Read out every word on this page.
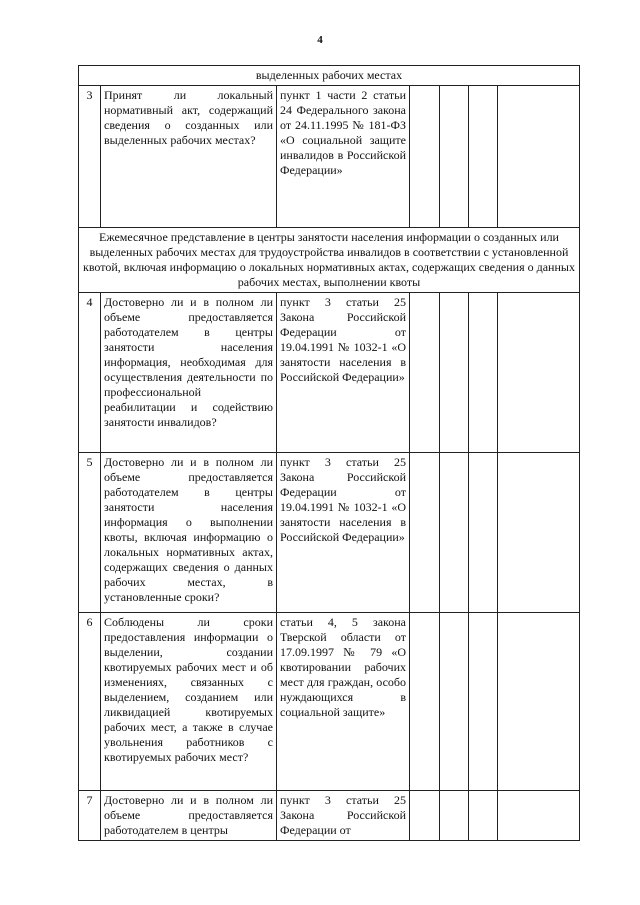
4
выделенных рабочих местах						
3	Принят ли локальный нормативный акт, содержащий сведения о созданных или выделенных рабочих местах?	пункт 1 части 2 статьи 24 Федерального закона от 24.11.1995 № 181-ФЗ «О социальной защите инвалидов в Российской Федерации»				
Ежемесячное представление в центры занятости населения информации о созданных или выделенных рабочих местах для трудоустройства инвалидов в соответствии с установленной квотой, включая информацию о локальных нормативных актах, содержащих сведения о данных рабочих местах, выполнении квоты						
4	Достоверно ли и в полном ли объеме предоставляется работодателем в центры занятости населения информация, необходимая для осуществления деятельности по профессиональной реабилитации и содействию занятости инвалидов?	пункт 3 статьи 25 Закона Российской Федерации от 19.04.1991 № 1032-1 «О занятости населения в Российской Федерации»				
5	Достоверно ли и в полном ли объеме предоставляется работодателем в центры занятости населения информация о выполнении квоты, включая информацию о локальных нормативных актах, содержащих сведения о данных рабочих местах, в установленные сроки?	пункт 3 статьи 25 Закона Российской Федерации от 19.04.1991 № 1032-1 «О занятости населения в Российской Федерации»				
6	Соблюдены ли сроки предоставления информации о выделении, создании квотируемых рабочих мест и об изменениях, связанных с выделением, созданием или ликвидацией квотируемых рабочих мест, а также в случае увольнения работников с квотируемых рабочих мест?	статьи 4, 5 закона Тверской области от 17.09.1997 № 79 «О квотировании рабочих мест для граждан, особо нуждающихся в социальной защите»				
7	Достоверно ли и в полном ли объеме предоставляется работодателем в центры	пункт 3 статьи 25 Закона Российской Федерации от				
